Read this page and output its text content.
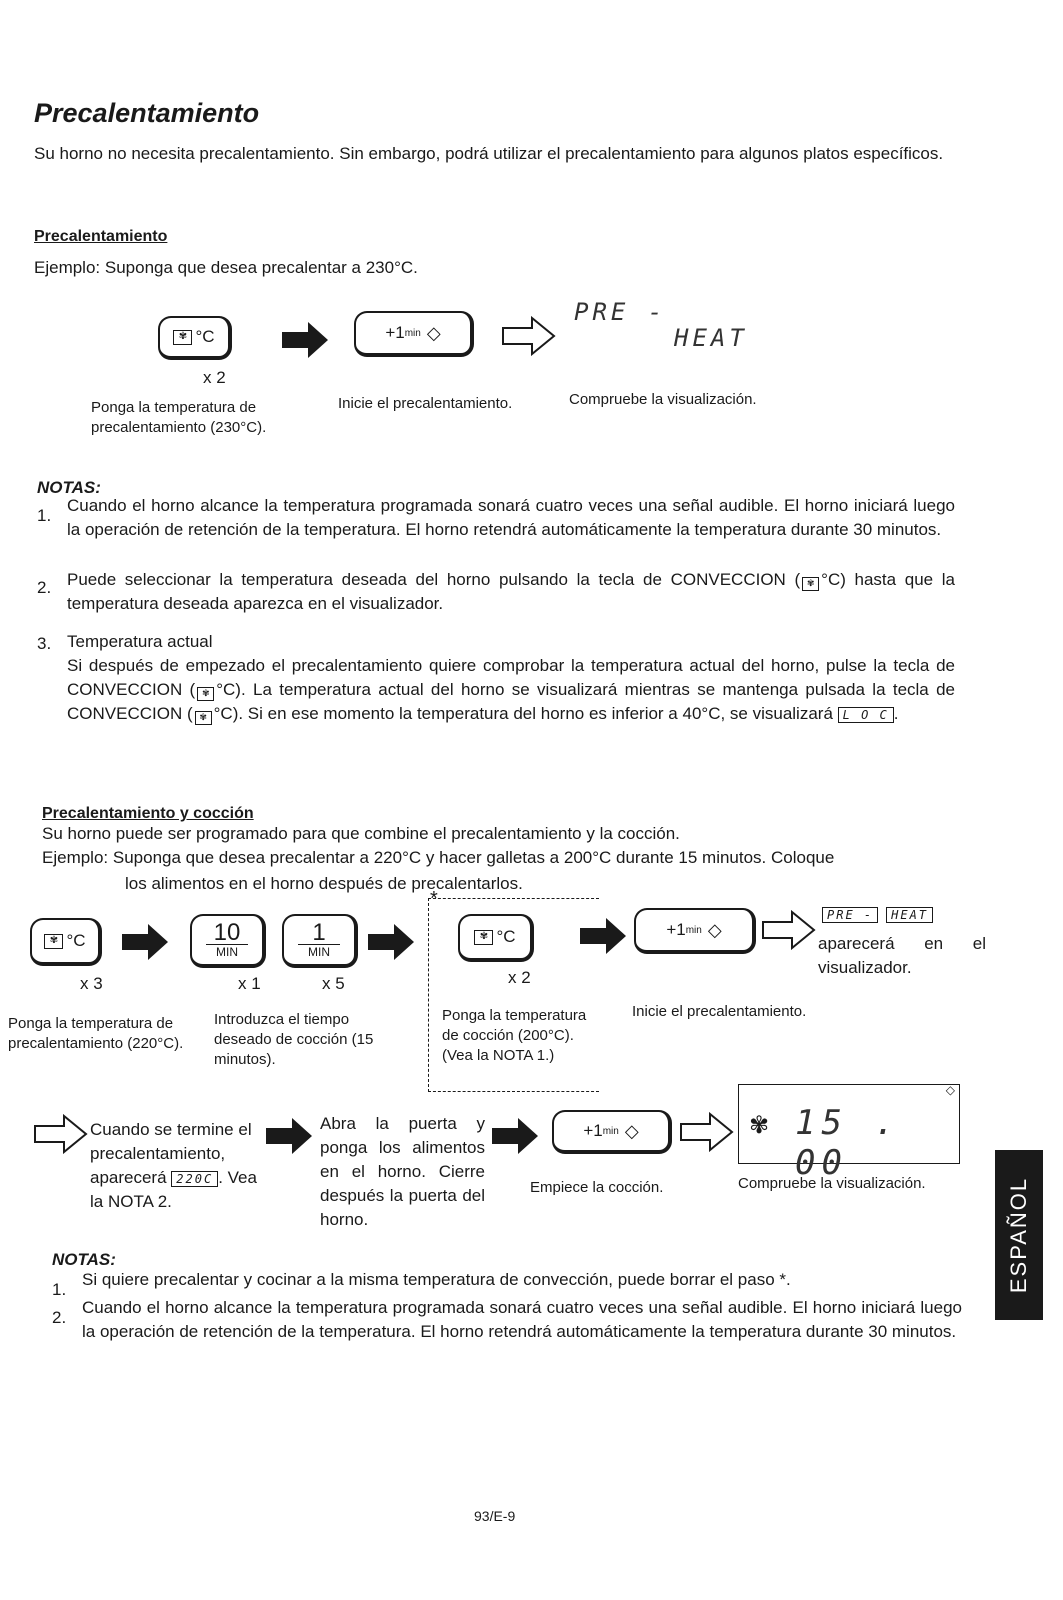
Precalentamiento
Su horno no necesita precalentamiento. Sin embargo, podrá utilizar el precalentamiento para algunos platos específicos.
Precalentamiento
Ejemplo: Suponga que desea precalentar a 230°C.
✾ °C
x 2
+1 min ◇
PRE -
HEAT
Ponga la temperatura de precalentamiento (230°C).
Inicie el precalentamiento.	Compruebe la visualización.
NOTAS:
1.
Cuando el horno alcance la temperatura programada sonará cuatro veces una señal audible. El horno iniciará luego la operación de retención de la temperatura. El horno retendrá automáticamente la temperatura durante 30 minutos.
2. Puede seleccionar la temperatura deseada del horno pulsando la tecla de CONVECCION ( ✾ °C) hasta que la temperatura deseada aparezca en el visualizador.
3. Temperatura actual
Si después de empezado el precalentamiento quiere comprobar la temperatura actual del horno, pulse la tecla de CONVECCION ( ✾ °C). La temperatura actual del horno se visualizará mientras se mantenga pulsada la tecla de CONVECCION ( ✾ °C). Si en ese momento la temperatura del horno es inferior a 40°C, se visualizará L O C .
Precalentamiento y cocción
Su horno puede ser programado para que combine el precalentamiento y la cocción.
Ejemplo: Suponga que desea precalentar a 220°C y hacer galletas a 200°C durante 15 minutos. Coloque
los alimentos en el horno después de precalentarlos.
*
✾ °C
x 3
10
MIN
x 1
1
MIN
x 5
✾ °C
x 2
+1 min ◇
PRE - HEAT
aparecerá en el visualizador.
Ponga la temperatura de precalentamiento (220°C).
Introduzca el tiempo deseado de cocción (15 minutos).
Ponga la temperatura de cocción (200°C). (Vea la NOTA 1.)
Inicie el precalentamiento.
Cuando se termine el precalentamiento, aparecerá 220C . Vea la NOTA 2.
Abra la puerta y ponga los alimentos en el horno. Cierre después la puerta del horno.
+1 min ◇
Empiece la cocción.
✾
◇
15 . 00
Compruebe la visualización.
NOTAS:
1.
Si quiere precalentar y cocinar a la misma temperatura de convección, puede borrar el paso *.
2.
Cuando el horno alcance la temperatura programada sonará cuatro veces una señal audible. El horno iniciará luego la operación de retención de la temperatura. El horno retendrá automáticamente la temperatura durante 30 minutos.
ESPAÑOL
93/E-9
